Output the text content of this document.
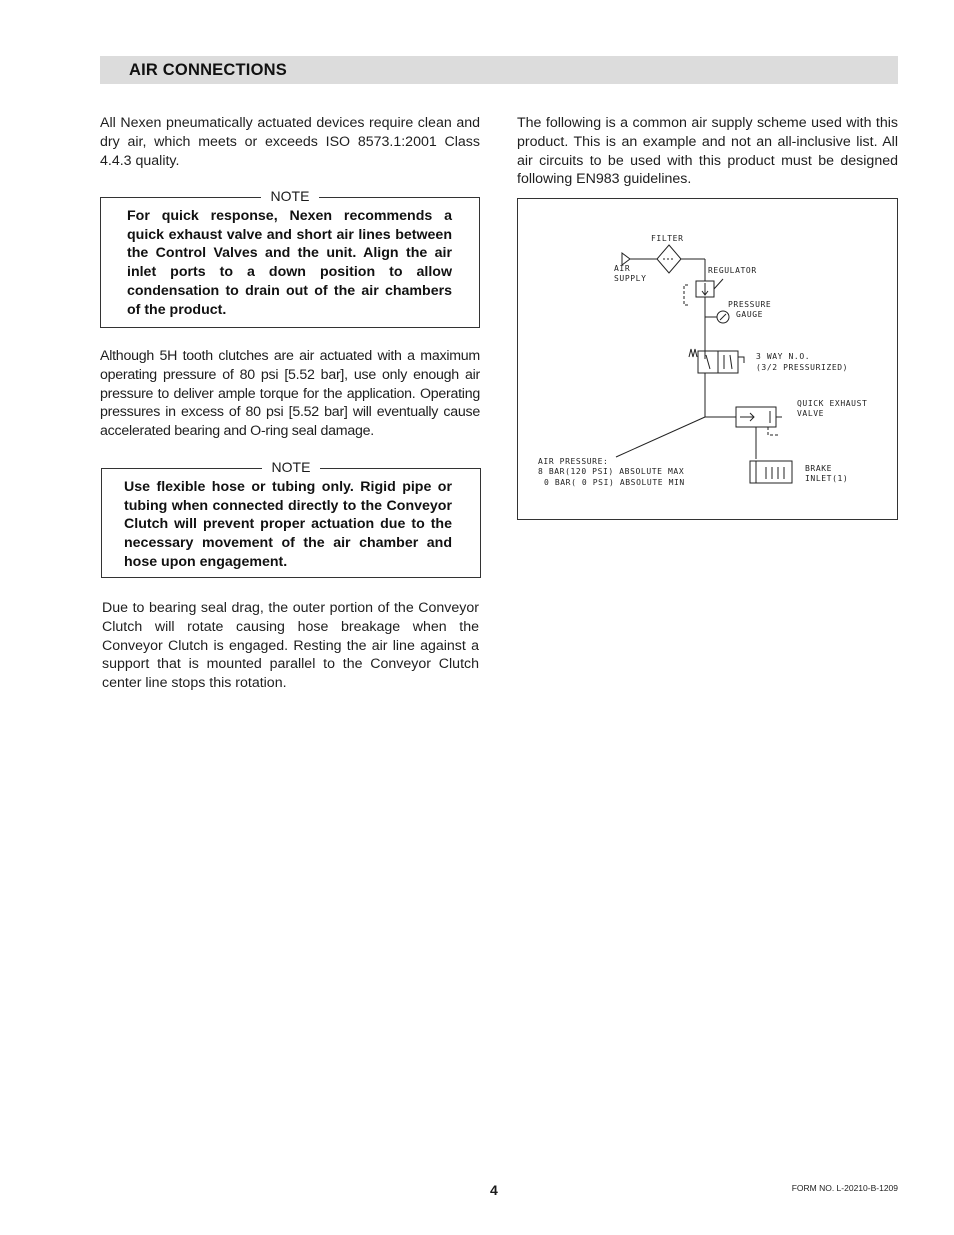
AIR CONNECTIONS

All Nexen pneumatically actuated devices require clean and dry air, which meets or exceeds ISO 8573.1:2001 Class 4.4.3 quality.

NOTE

For quick response, Nexen recommends a quick exhaust valve and short air lines between the Control Valves and the unit. Align the air inlet ports to a down position to allow condensation to drain out of the air chambers of the product.

Although 5H tooth clutches are air actuated with a maximum operating pressure of 80 psi [5.52 bar], use only enough air pressure to deliver ample torque for the application. Operating pressures in excess of 80 psi [5.52 bar] will eventually cause accelerated bearing and O-ring seal damage.

NOTE

Use flexible hose or tubing only. Rigid pipe or tubing when connected directly to the Conveyor Clutch will prevent proper actuation due to the necessary movement of the air chamber and hose upon engagement.

Due to bearing seal drag, the outer portion of the Conveyor Clutch will rotate causing hose breakage when the Conveyor Clutch is engaged. Resting the air line against a support that is mounted parallel to the Conveyor Clutch center line stops this rotation.

The following is a common air supply scheme used with this product. This is an example and not an all-inclusive list. All air circuits to be used with this product must be designed following EN983 guidelines.

FILTER
AIR
SUPPLY
REGULATOR
PRESSURE
GAUGE
3 WAY N.O.
(3/2 PRESSURIZED)
QUICK EXHAUST
VALVE
AIR PRESSURE:
8 BAR(120 PSI) ABSOLUTE MAX
0 BAR( 0 PSI) ABSOLUTE MIN
BRAKE
INLET(1)
4	FORM NO. L-20210-B-1209
